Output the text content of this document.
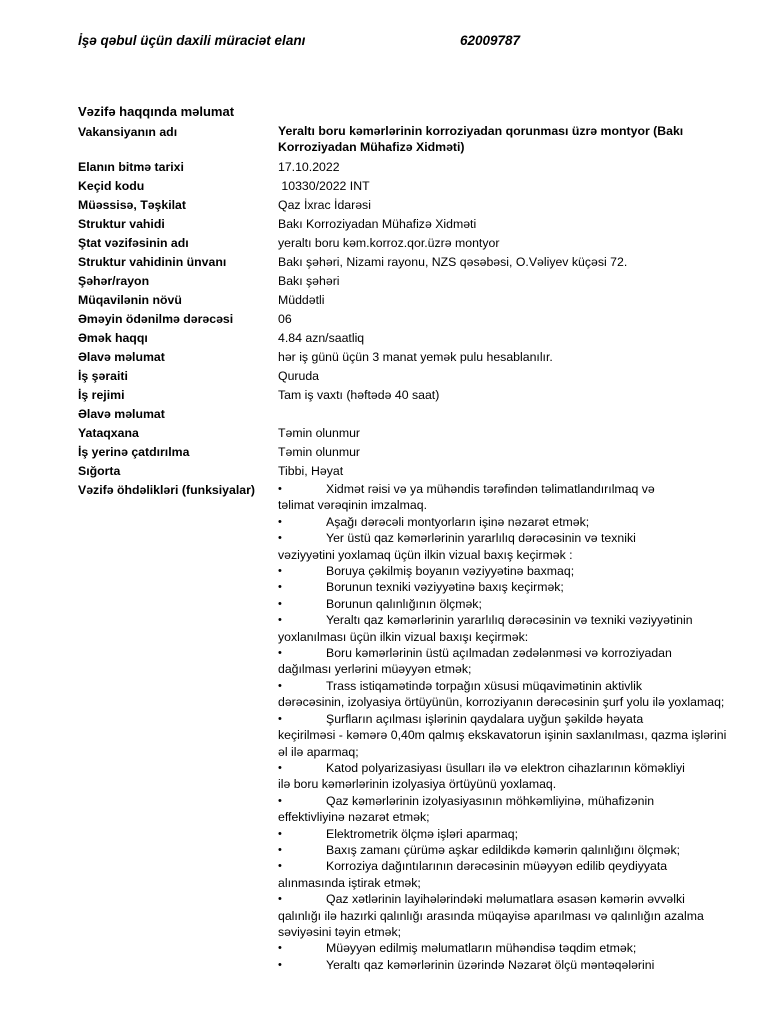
İşə qəbul üçün daxili müraciət elanı	62009787
Vəzifə haqqında məlumat
Vakansiyanın adı	Yeraltı boru kəmərlərinin korroziyadan qorunması üzrə montyor (Bakı Korroziyadan Mühafizə Xidməti)
Elanın bitmə tarixi	17.10.2022
Keçid kodu	10330/2022 INT
Müəssisə, Təşkilat	Qaz İxrac İdarəsi
Struktur vahidi	Bakı Korroziyadan Mühafizə Xidməti
Ştat vəzifəsinin adı	yeraltı boru kəm.korroz.qor.üzrə montyor
Struktur vahidinin ünvanı	Bakı şəhəri, Nizami rayonu, NZS qəsəbəsi, O.Vəliyev küçəsi 72.
Şəhər/rayon	Bakı şəhəri
Müqavilənin növü	Müddətli
Əməyin ödənilmə dərəcəsi	06
Əmək haqqı	4.84 azn/saatliq
Əlavə məlumat	hər iş günü üçün 3 manat yemək pulu hesablanılır.
İş şəraiti	Quruda
İş rejimi	Tam iş vaxtı (həftədə 40 saat)
Əlavə məlumat
Yataqxana	Təmin olunmur
İş yerinə çatdırılma	Təmin olunmur
Sığorta	Tibbi, Həyat
Vəzifə öhdəlikləri (funksiyalar)	•	Xidmət rəisi və ya mühəndis tərəfindən təlimatlandırılmaq və
təlimat vərəqinin imzalmaq.
•	Aşağı dərəcəli montyorların işinə nəzarət etmək;
•	Yer üstü qaz kəmərlərinin yararlılıq dərəcəsinin və texniki
vəziyyətini yoxlamaq üçün ilkin vizual baxış keçirmək :
•	Boruya çəkilmiş boyanın vəziyyətinə baxmaq;
•	Borunun texniki vəziyyətinə baxış keçirmək;
•	Borunun qalınlığının ölçmək;
•	Yeraltı qaz kəmərlərinin yararlılıq dərəcəsinin və texniki vəziyyətinin
yoxlanılması üçün ilkin vizual baxışı keçirmək:
•	Boru kəmərlərinin üstü açılmadan zədələnməsi və korroziyadan
dağılması yerlərini müəyyən etmək;
•	Trass istiqamətində torpağın xüsusi müqavimətinin aktivlik
dərəcəsinin, izolyasiya örtüyünün, korroziyanın dərəcəsinin şurf yolu ilə yoxlamaq;
•	Şurfların açılması işlərinin qaydalara uyğun şəkildə həyata
keçirilməsi - kəmərə 0,40m qalmış ekskavatorun işinin saxlanılması, qazma işlərini əl ilə aparmaq;
•	Katod polyarizasiyası üsulları ilə və elektron cihazlarının köməkliyi
ilə boru kəmərlərinin izolyasiya örtüyünü yoxlamaq.
•	Qaz kəmərlərinin izolyasiyasının möhkəmliyinə, mühafizənin
effektivliyinə nəzarət etmək;
•	Elektrometrik ölçmə işləri aparmaq;
•	Baxış zamanı çürümə aşkar edildikdə kəmərin qalınlığını ölçmək;
•	Korroziya dağıntılarının dərəcəsinin müəyyən edilib qeydiyyata
alınmasında iştirak etmək;
•	Qaz xətlərinin layihələrindəki məlumatlara əsasən kəmərin əvvəlki
qalınlığı ilə hazırki qalınlığı arasında müqayisə aparılması və qalınlığın azalma səviyəsini təyin etmək;
•	Müəyyən edilmiş məlumatların mühəndisə təqdim etmək;
•	Yeraltı qaz kəmərlərinin üzərində Nəzarət ölçü məntəqələrini
